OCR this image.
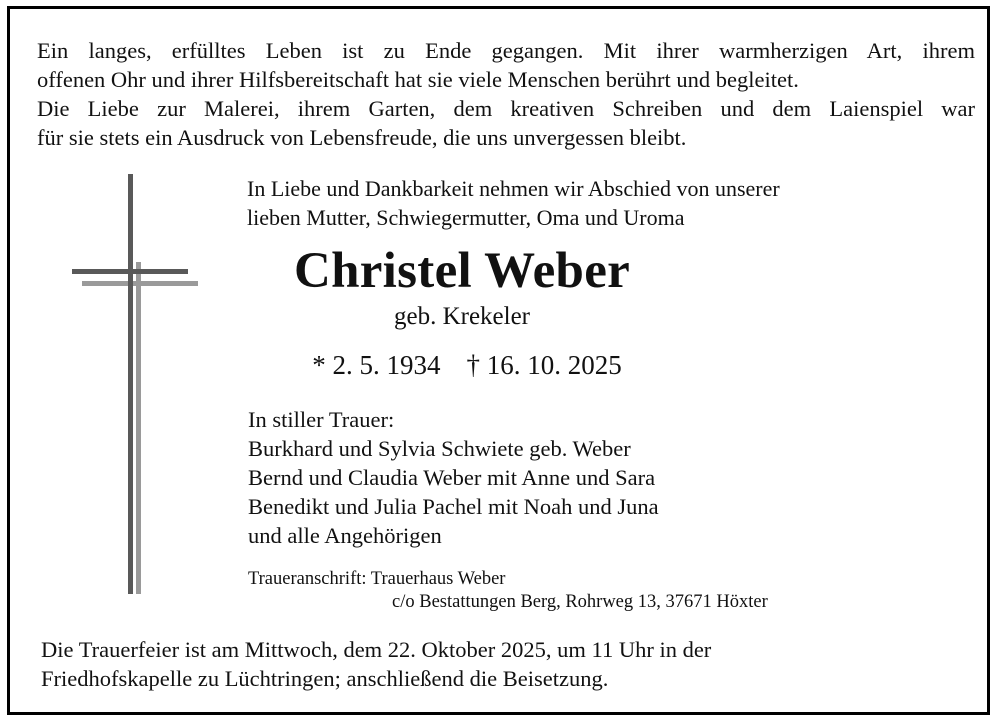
Ein langes, erfülltes Leben ist zu Ende gegangen. Mit ihrer warmherzigen Art, ihrem
offenen Ohr und ihrer Hilfsbereitschaft hat sie viele Menschen berührt und begleitet.
Die Liebe zur Malerei, ihrem Garten, dem kreativen Schreiben und dem Laienspiel war
für sie stets ein Ausdruck von Lebensfreude, die uns unvergessen bleibt.

In Liebe und Dankbarkeit nehmen wir Abschied von unserer
lieben Mutter, Schwiegermutter, Oma und Uroma
Christel Weber
geb. Krekeler
* 2. 5. 1934 † 16. 10. 2025
In stiller Trauer:
Burkhard und Sylvia Schwiete geb. Weber
Bernd und Claudia Weber mit Anne und Sara
Benedikt und Julia Pachel mit Noah und Juna
und alle Angehörigen
Traueranschrift: Trauerhaus Weber
c/o Bestattungen Berg, Rohrweg 13, 37671 Höxter
Die Trauerfeier ist am Mittwoch, dem 22. Oktober 2025, um 11 Uhr in der
Friedhofskapelle zu Lüchtringen; anschließend die Beisetzung.
